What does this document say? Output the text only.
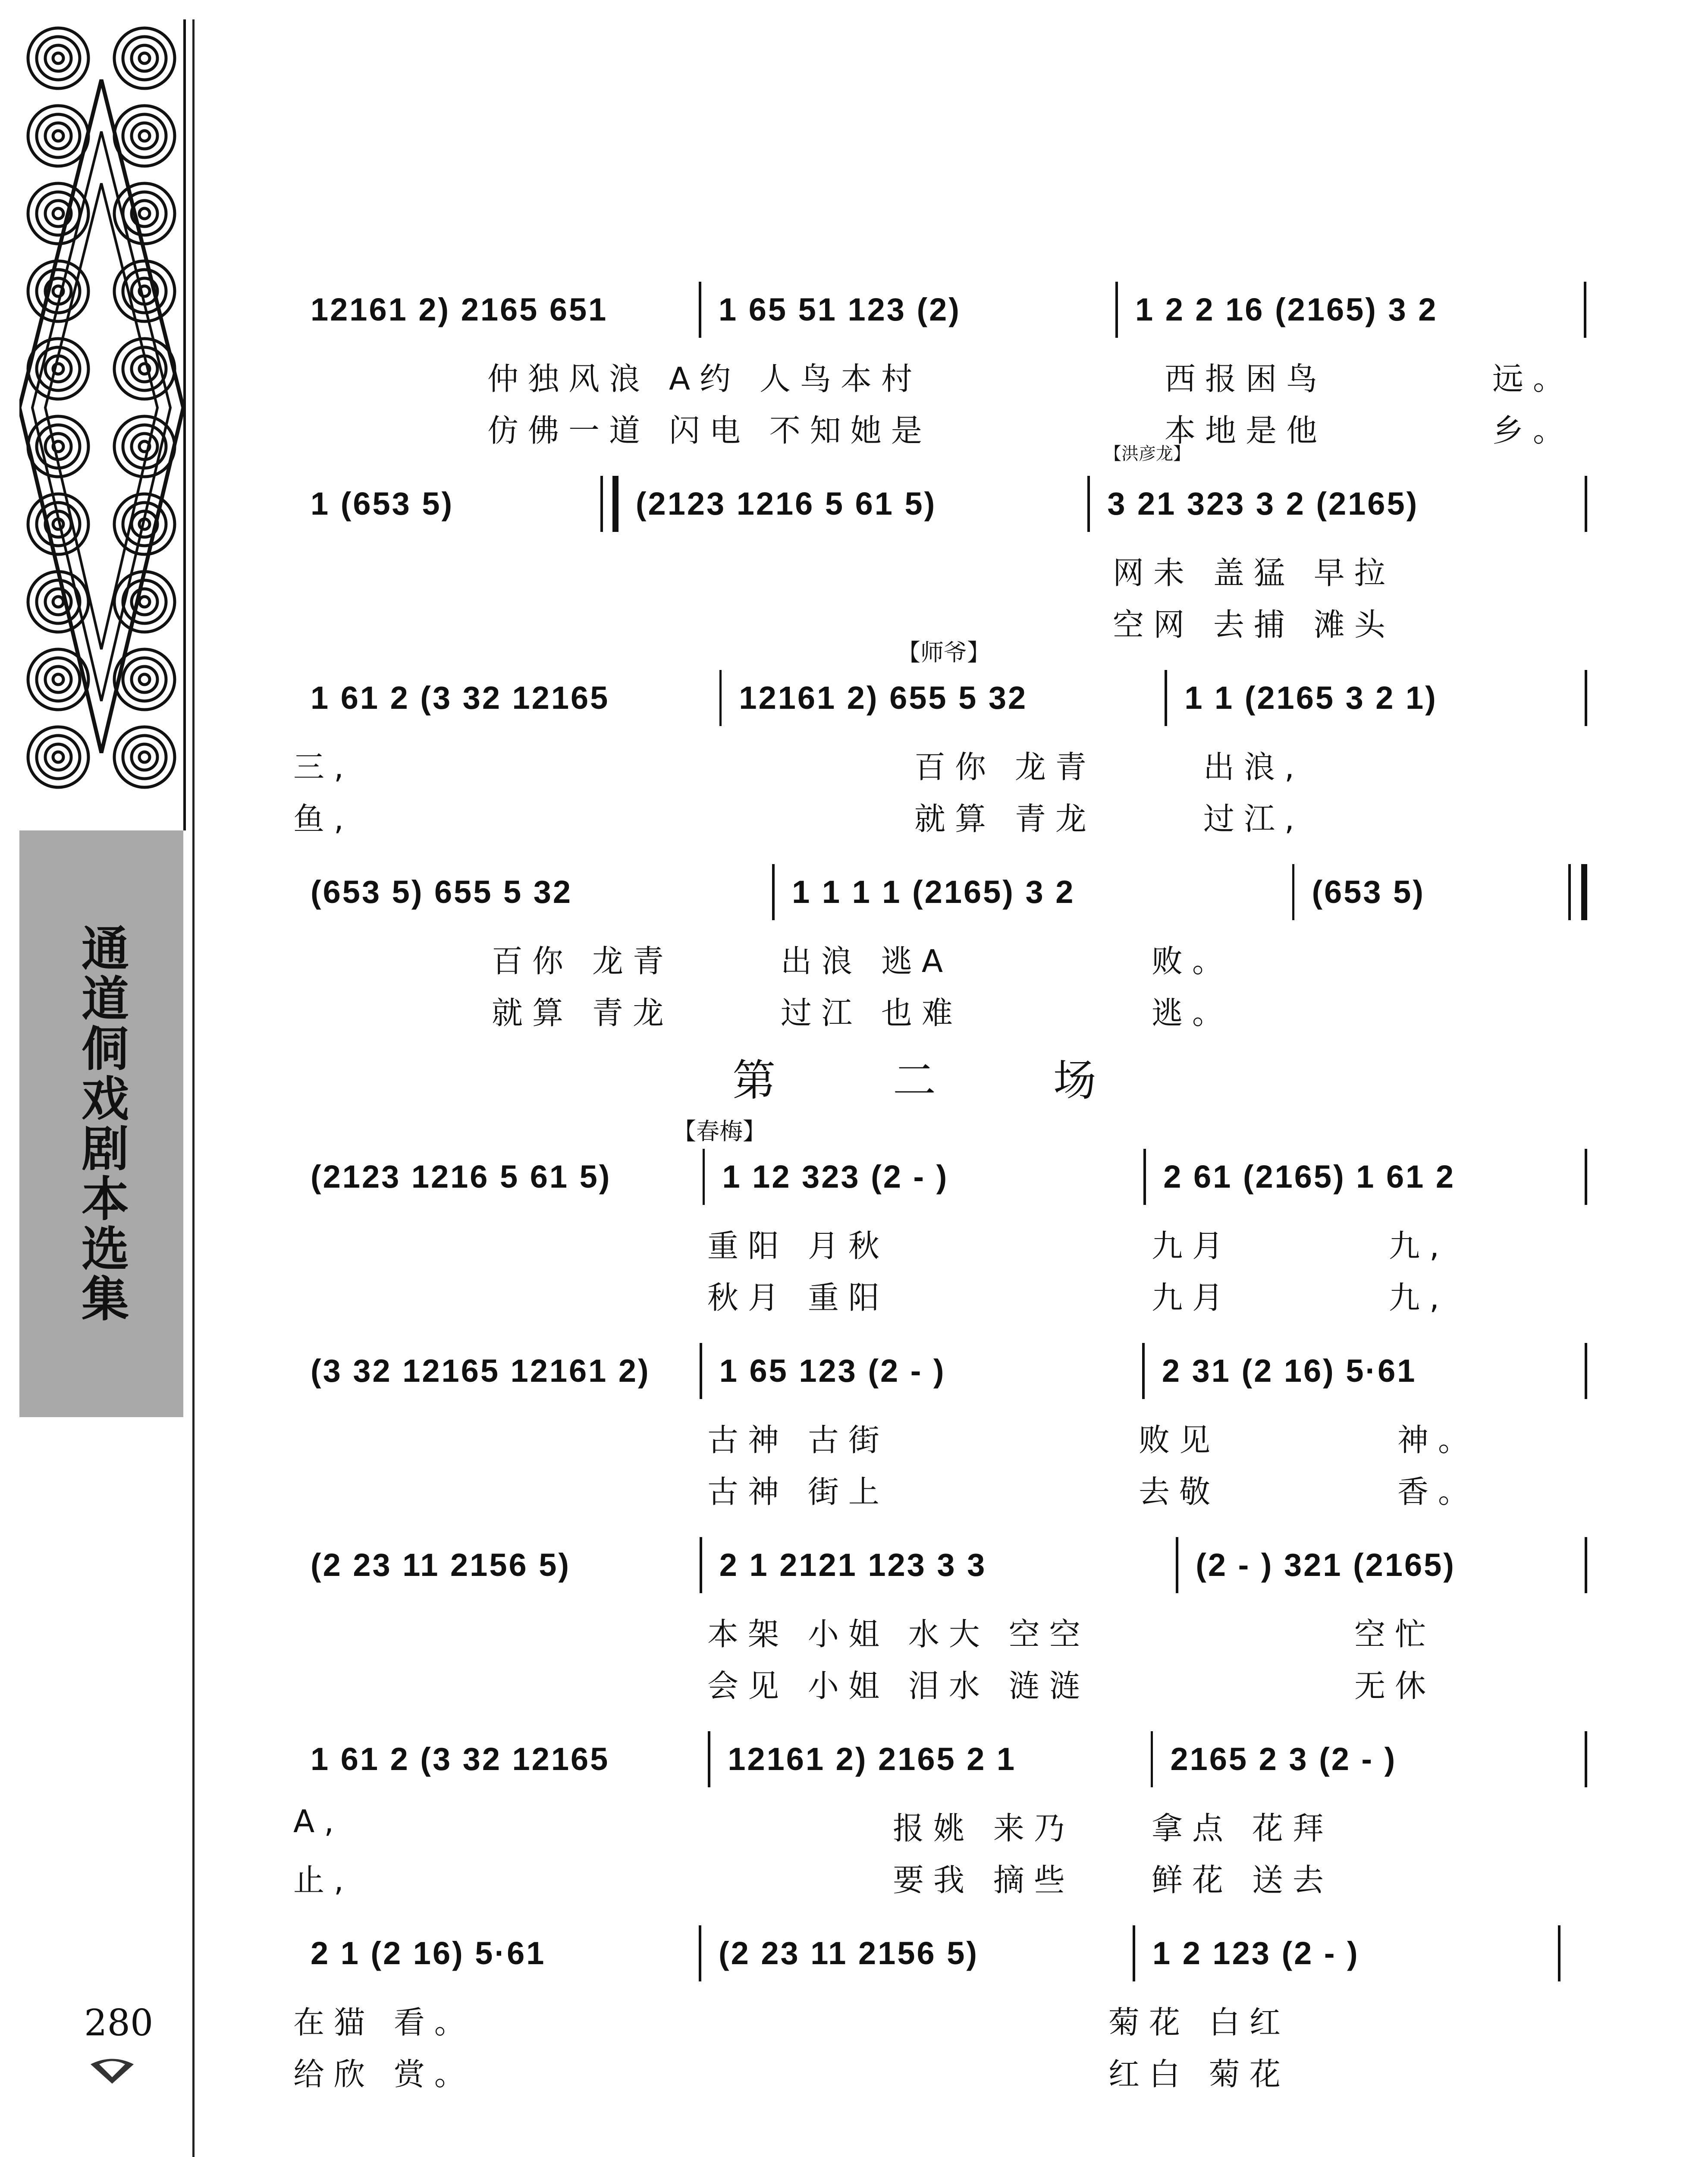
通道侗戏剧本选集
280
12161 2) 2165 651	1 65 51 123 (2)	1 2 2 16 (2165) 3 2
仲独风浪 A约 人鸟本村	西报困鸟	远。
仿佛一道 闪电 不知她是	本地是他	乡。
【洪彦龙】
1 (653 5)	(2123 1216 5 61 5)	3 21 323 3 2 (2165)
网未 盖猛 早拉
空网 去捕 滩头
【师爷】
1 61 2 (3 32 12165	12161 2) 655 5 32	1 1 (2165 3 2 1)
三,	百你 龙青	出浪,
鱼,	就算 青龙	过江,
(653 5) 655 5 32	1 1 1 1 (2165) 3 2	(653 5)
百你 龙青	出浪 逃A	败。
就算 青龙	过江 也难	逃。
第 二 场
【春梅】
(2123 1216 5 61 5)	1 12 323 (2 - )	2 61 (2165) 1 61 2
重阳 月秋	九月	九,
秋月 重阳	九月	九,
(3 32 12165 12161 2)	1 65 123 (2 - )	2 31 (2 16) 5·61
古神 古街	败见	神。
古神 街上	去敬	香。
(2 23 11 2156 5)	2 1 2121 123 3 3	(2 - ) 321 (2165)
本架 小姐 水大 空空	空忙
会见 小姐 泪水 涟涟	无休
1 61 2 (3 32 12165	12161 2) 2165 2 1	2165 2 3 (2 - )
A,	报姚 来乃 拿点 花拜
止,	要我 摘些 鲜花 送去
2 1 (2 16) 5·61	(2 23 11 2156 5)	1 2 123 (2 - )
在猫 看。	菊花 白红
给欣 赏。	红白 菊花
